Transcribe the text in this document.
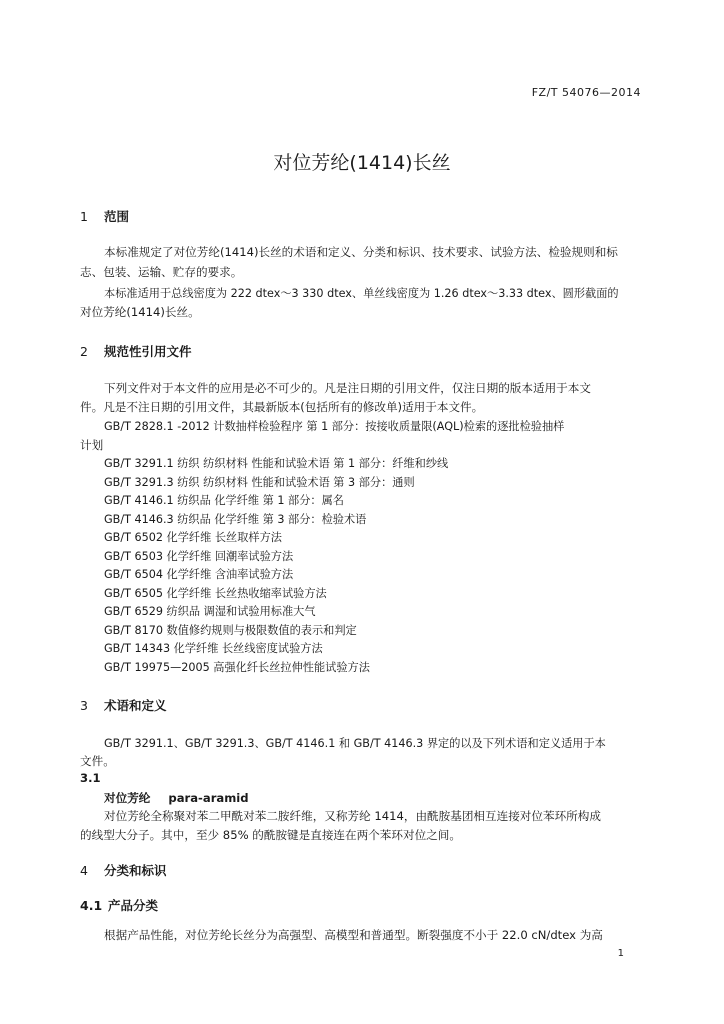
FZ/T 54076—2014
对位芳纶(1414)长丝
1 范围
本标准规定了对位芳纶(1414)长丝的术语和定义、分类和标识、技术要求、试验方法、检验规则和标
志、包装、运输、贮存的要求。
本标准适用于总线密度为 222 dtex～3 330 dtex、单丝线密度为 1.26 dtex～3.33 dtex、圆形截面的
对位芳纶(1414)长丝。
2 规范性引用文件
下列文件对于本文件的应用是必不可少的。凡是注日期的引用文件，仅注日期的版本适用于本文
件。凡是不注日期的引用文件，其最新版本(包括所有的修改单)适用于本文件。
GB/T 2828.1 -2012 计数抽样检验程序 第 1 部分：按接收质量限(AQL)检索的逐批检验抽样
计划
GB/T 3291.1 纺织 纺织材料 性能和试验术语 第 1 部分：纤维和纱线
GB/T 3291.3 纺织 纺织材料 性能和试验术语 第 3 部分：通则
GB/T 4146.1 纺织品 化学纤维 第 1 部分：属名
GB/T 4146.3 纺织品 化学纤维 第 3 部分：检验术语
GB/T 6502 化学纤维 长丝取样方法
GB/T 6503 化学纤维 回潮率试验方法
GB/T 6504 化学纤维 含油率试验方法
GB/T 6505 化学纤维 长丝热收缩率试验方法
GB/T 6529 纺织品 调湿和试验用标准大气
GB/T 8170 数值修约规则与极限数值的表示和判定
GB/T 14343 化学纤维 长丝线密度试验方法
GB/T 19975—2005 高强化纤长丝拉伸性能试验方法
3 术语和定义
GB/T 3291.1、GB/T 3291.3、GB/T 4146.1 和 GB/T 4146.3 界定的以及下列术语和定义适用于本
文件。
3.1
对位芳纶 para-aramid
对位芳纶全称聚对苯二甲酰对苯二胺纤维，又称芳纶 1414，由酰胺基团相互连接对位苯环所构成
的线型大分子。其中，至少 85% 的酰胺键是直接连在两个苯环对位之间。
4 分类和标识
4.1 产品分类
根据产品性能，对位芳纶长丝分为高强型、高模型和普通型。断裂强度不小于 22.0 cN/dtex 为高
1
